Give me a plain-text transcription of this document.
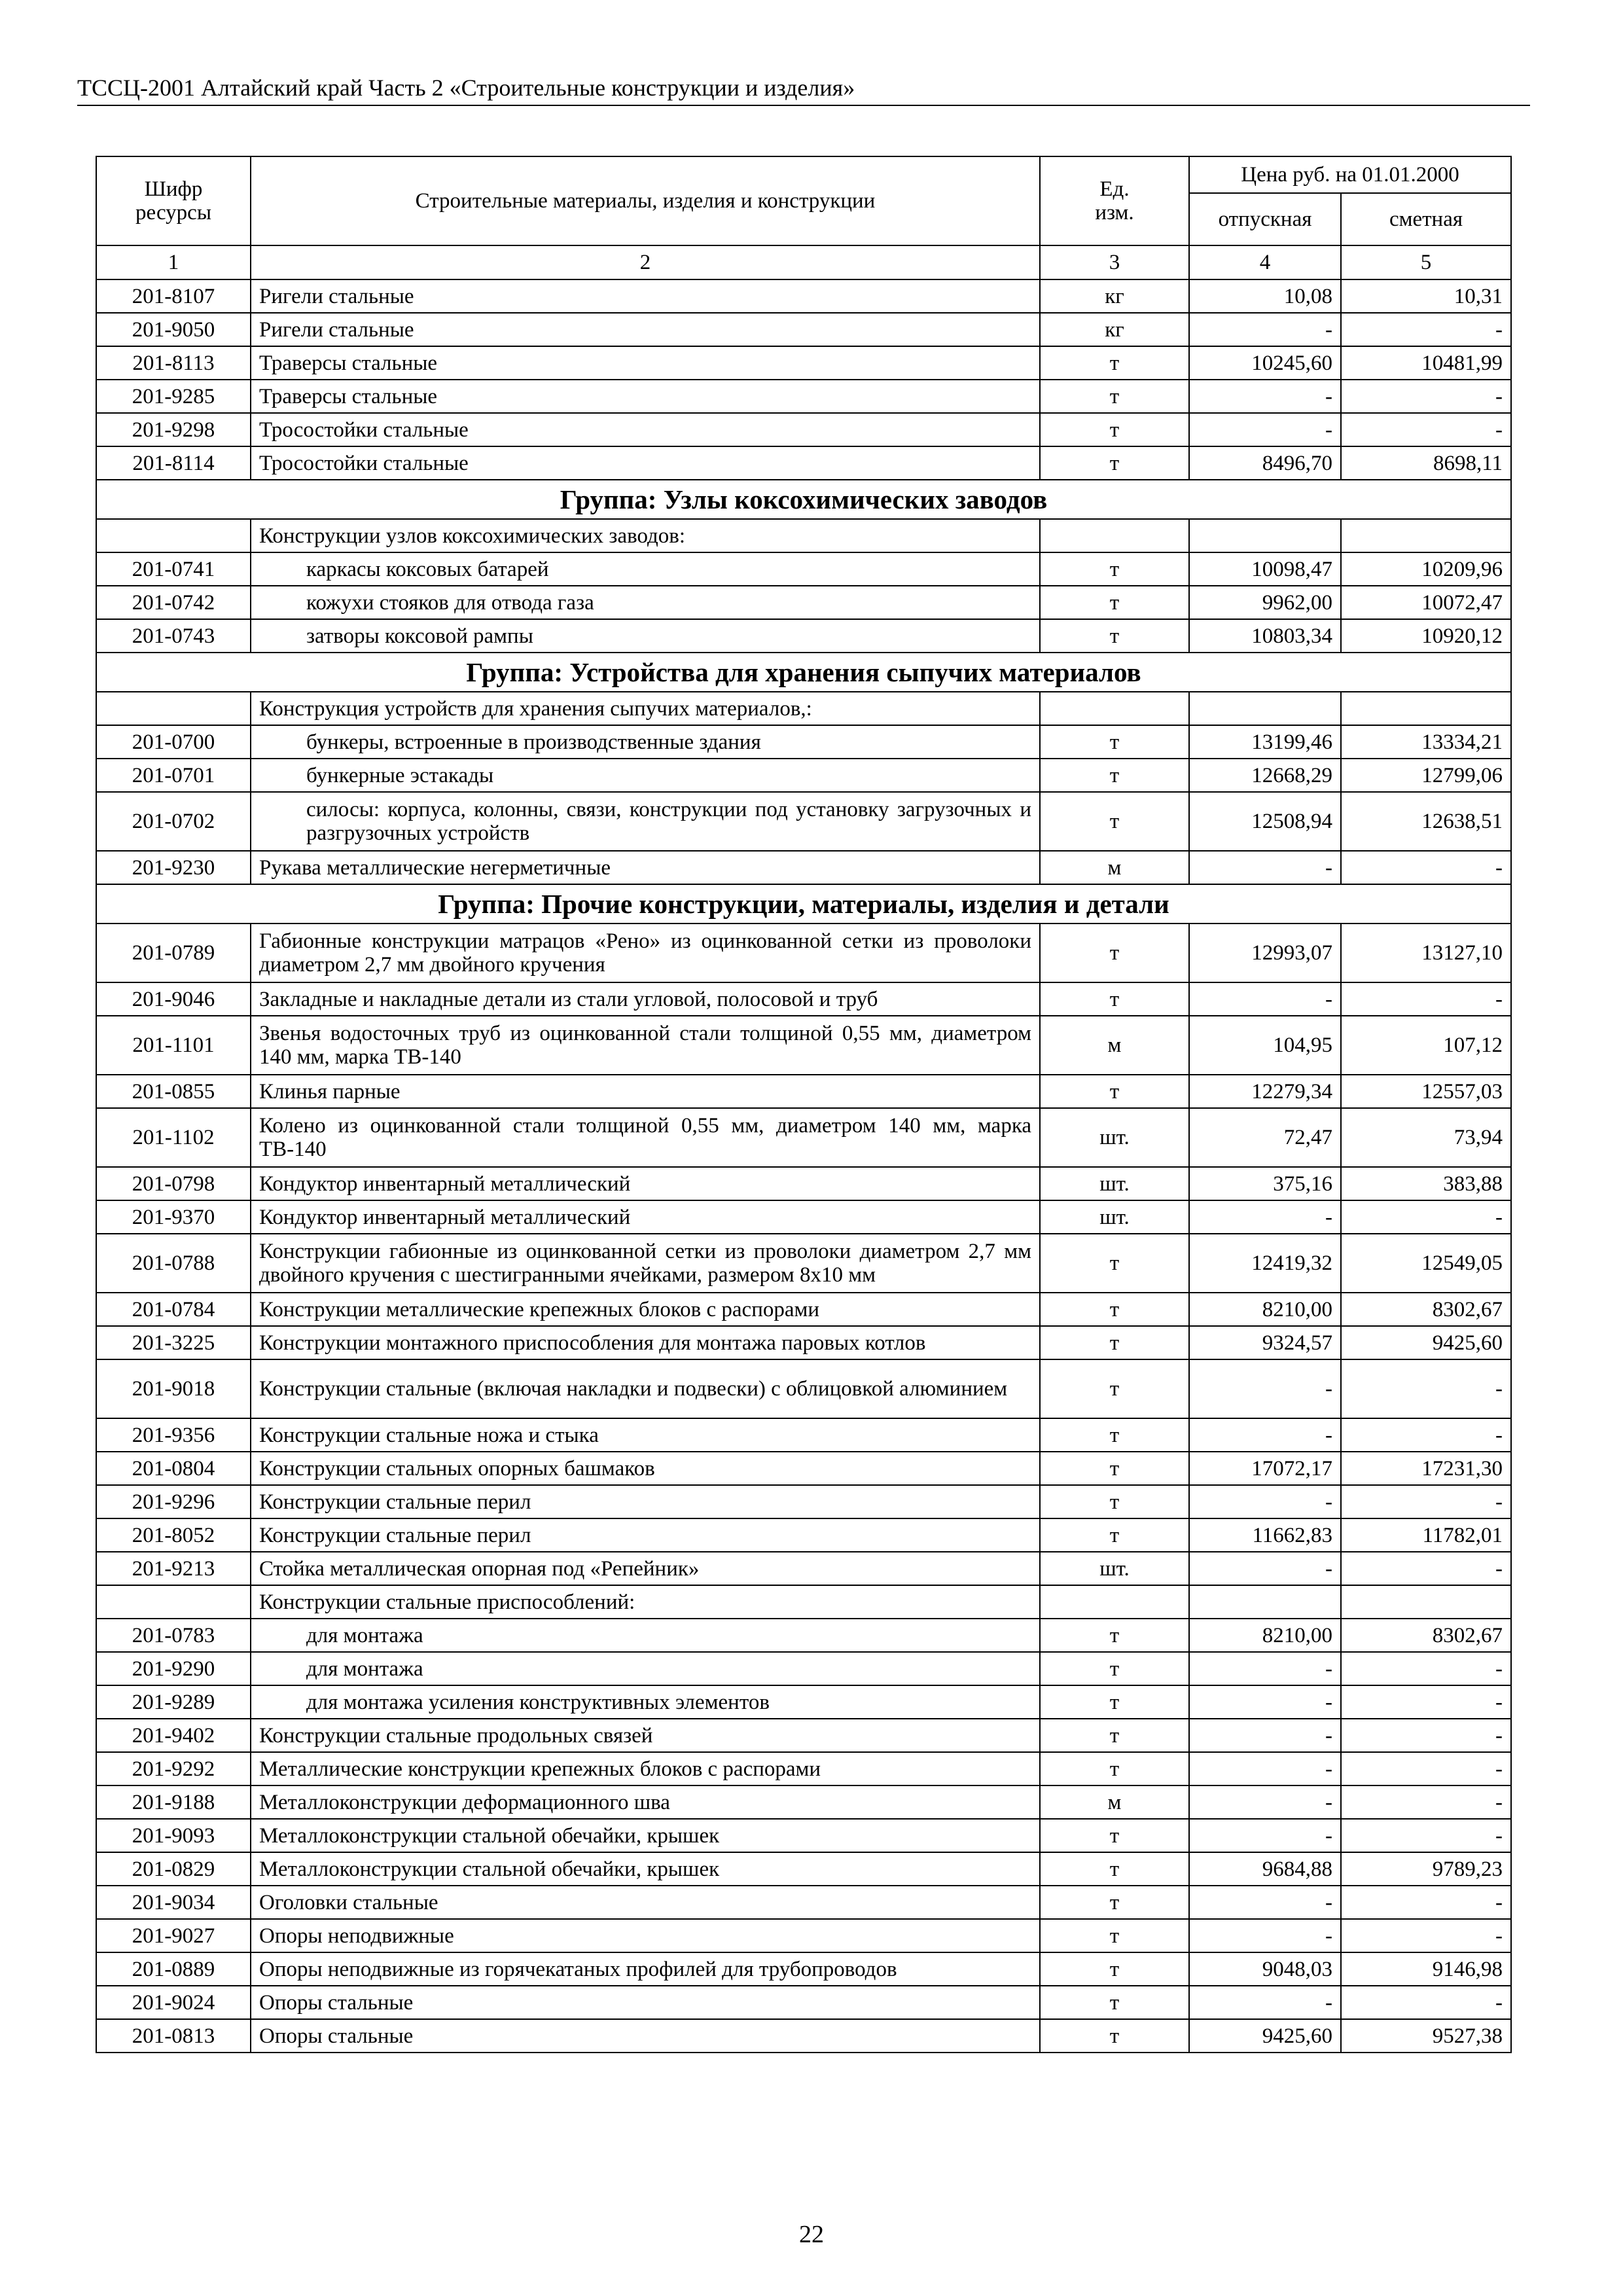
ТССЦ-2001 Алтайский край Часть 2 «Строительные конструкции и изделия»
Шифр ресурсы	Строительные материалы, изделия и конструкции	Ед. изм.	Цена руб. на 01.01.2000	
			отпускная	сметная
1	2	3	4	5
201-8107	Ригели стальные	кг	10,08	10,31
201-9050	Ригели стальные	кг	-	-
201-8113	Траверсы стальные	т	10245,60	10481,99
201-9285	Траверсы стальные	т	-	-
201-9298	Тросостойки стальные	т	-	-
201-8114	Тросостойки стальные	т	8496,70	8698,11
Группа: Узлы коксохимических заводов				
	Конструкции узлов коксохимических заводов:			
201-0741	каркасы коксовых батарей	т	10098,47	10209,96
201-0742	кожухи стояков для отвода газа	т	9962,00	10072,47
201-0743	затворы коксовой рампы	т	10803,34	10920,12
Группа: Устройства для хранения сыпучих материалов				
	Конструкция устройств для хранения сыпучих материалов,:			
201-0700	бункеры, встроенные в производственные здания	т	13199,46	13334,21
201-0701	бункерные эстакады	т	12668,29	12799,06
201-0702	силосы: корпуса, колонны, связи, конструкции под установку загрузочных и разгрузочных устройств	т	12508,94	12638,51
201-9230	Рукава металлические негерметичные	м	-	-
Группа: Прочие конструкции, материалы, изделия и детали				
201-0789	Габионные конструкции матрацов «Рено» из оцинкованной сетки из проволоки диаметром 2,7 мм двойного кручения	т	12993,07	13127,10
201-9046	Закладные и накладные детали из стали угловой, полосовой и труб	т	-	-
201-1101	Звенья водосточных труб из оцинкованной стали толщиной 0,55 мм, диаметром 140 мм, марка ТВ-140	м	104,95	107,12
201-0855	Клинья парные	т	12279,34	12557,03
201-1102	Колено из оцинкованной стали толщиной 0,55 мм, диаметром 140 мм, марка ТВ-140	шт.	72,47	73,94
201-0798	Кондуктор инвентарный металлический	шт.	375,16	383,88
201-9370	Кондуктор инвентарный металлический	шт.	-	-
201-0788	Конструкции габионные из оцинкованной сетки из проволоки диаметром 2,7 мм двойного кручения с шестигранными ячейками, размером 8x10 мм	т	12419,32	12549,05
201-0784	Конструкции металлические крепежных блоков с распорами	т	8210,00	8302,67
201-3225	Конструкции монтажного приспособления для монтажа паровых котлов	т	9324,57	9425,60
201-9018	Конструкции стальные (включая накладки и подвески) с облицовкой алюминием	т	-	-
201-9356	Конструкции стальные ножа и стыка	т	-	-
201-0804	Конструкции стальных опорных башмаков	т	17072,17	17231,30
201-9296	Конструкции стальные перил	т	-	-
201-8052	Конструкции стальные перил	т	11662,83	11782,01
201-9213	Стойка металлическая опорная под «Репейник»	шт.	-	-
	Конструкции стальные приспособлений:			
201-0783	для монтажа	т	8210,00	8302,67
201-9290	для монтажа	т	-	-
201-9289	для монтажа усиления конструктивных элементов	т	-	-
201-9402	Конструкции стальные продольных связей	т	-	-
201-9292	Металлические конструкции крепежных блоков с распорами	т	-	-
201-9188	Металлоконструкции деформационного шва	м	-	-
201-9093	Металлоконструкции стальной обечайки, крышек	т	-	-
201-0829	Металлоконструкции стальной обечайки, крышек	т	9684,88	9789,23
201-9034	Оголовки стальные	т	-	-
201-9027	Опоры неподвижные	т	-	-
201-0889	Опоры неподвижные из горячекатаных профилей для трубопроводов	т	9048,03	9146,98
201-9024	Опоры стальные	т	-	-
201-0813	Опоры стальные	т	9425,60	9527,38
22
